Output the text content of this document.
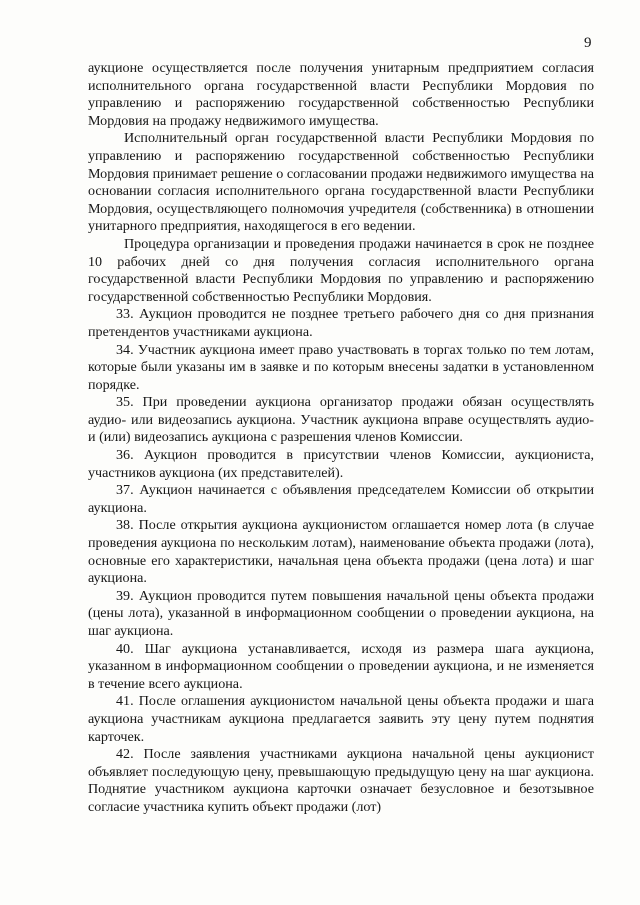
9

аукционе осуществляется после получения унитарным предприятием согласия исполнительного органа государственной власти Республики Мордовия по управлению и распоряжению государственной собственностью Республики Мордовия на продажу недвижимого имущества.

Исполнительный орган государственной власти Республики Мордовия по управлению и распоряжению государственной собственностью Республики Мордовия принимает решение о согласовании продажи недвижимого имущества на основании согласия исполнительного органа государственной власти Республики Мордовия, осуществляющего полномочия учредителя (собственника) в отношении унитарного предприятия, находящегося в его ведении.

Процедура организации и проведения продажи начинается в срок не позднее 10 рабочих дней со дня получения согласия исполнительного органа государственной власти Республики Мордовия по управлению и распоряжению государственной собственностью Республики Мордовия.

33. Аукцион проводится не позднее третьего рабочего дня со дня признания претендентов участниками аукциона.

34. Участник аукциона имеет право участвовать в торгах только по тем лотам, которые были указаны им в заявке и по которым внесены задатки в установленном порядке.

35. При проведении аукциона организатор продажи обязан осуществлять аудио- или видеозапись аукциона. Участник аукциона вправе осуществлять аудио- и (или) видеозапись аукциона с разрешения членов Комиссии.

36. Аукцион проводится в присутствии членов Комиссии, аукциониста, участников аукциона (их представителей).

37. Аукцион начинается с объявления председателем Комиссии об открытии аукциона.

38. После открытия аукциона аукционистом оглашается номер лота (в случае проведения аукциона по нескольким лотам), наименование объекта продажи (лота), основные его характеристики, начальная цена объекта продажи (цена лота) и шаг аукциона.

39. Аукцион проводится путем повышения начальной цены объекта продажи (цены лота), указанной в информационном сообщении о проведении аукциона, на шаг аукциона.

40. Шаг аукциона устанавливается, исходя из размера шага аукциона, указанном в информационном сообщении о проведении аукциона, и не изменяется в течение всего аукциона.

41. После оглашения аукционистом начальной цены объекта продажи и шага аукциона участникам аукциона предлагается заявить эту цену путем поднятия карточек.

42. После заявления участниками аукциона начальной цены аукционист объявляет последующую цену, превышающую предыдущую цену на шаг аукциона. Поднятие участником аукциона карточки означает безусловное и безотзывное согласие участника купить объект продажи (лот)
